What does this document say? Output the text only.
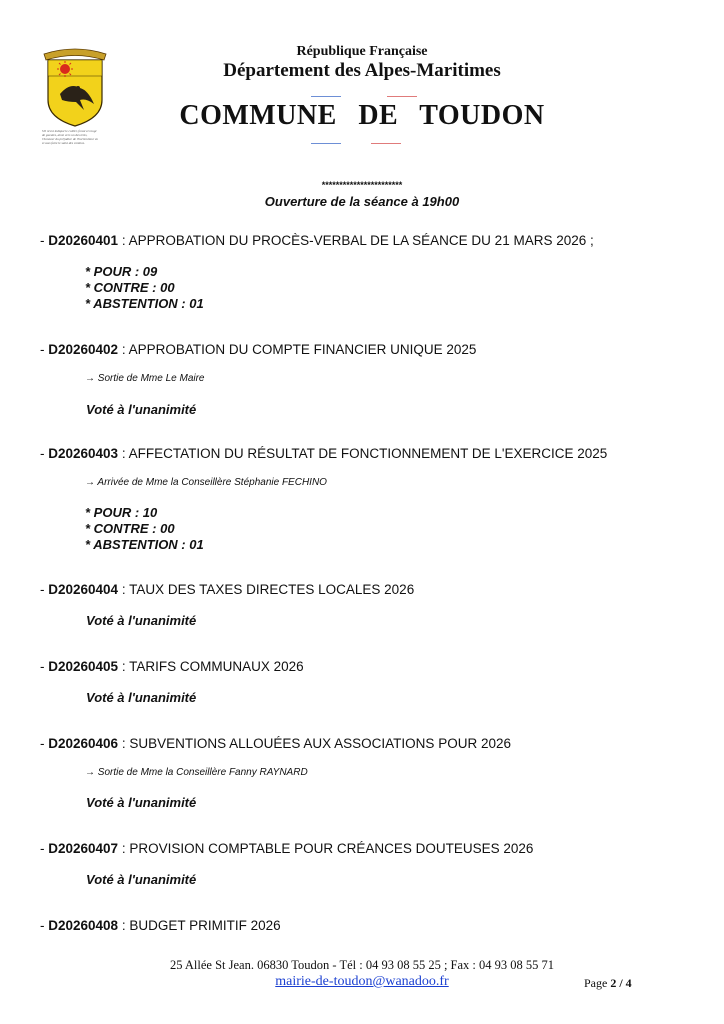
S'il m'est indiqué le collier, fonsé et rougi
de gueules, ainsi vers un des trois,
l'honneur du préjudice de l'horticulteur en
à vous faire le salut des combos.
République Française
Département des Alpes-Maritimes
COMMUNE DE TOUDON
***********************
Ouverture de la séance à 19h00
- D20260401 : APPROBATION DU PROCÈS-VERBAL DE LA SÉANCE DU 21 MARS 2026 ;
* POUR : 09
* CONTRE : 00
* ABSTENTION : 01
- D20260402 : APPROBATION DU COMPTE FINANCIER UNIQUE 2025
→ Sortie de Mme Le Maire
Voté à l'unanimité
- D20260403 : AFFECTATION DU RÉSULTAT DE FONCTIONNEMENT DE L'EXERCICE 2025
→ Arrivée de Mme la Conseillère Stéphanie FECHINO
* POUR : 10
* CONTRE : 00
* ABSTENTION : 01
- D20260404 : TAUX DES TAXES DIRECTES LOCALES 2026
Voté à l'unanimité
- D20260405 : TARIFS COMMUNAUX 2026
Voté à l'unanimité
- D20260406 : SUBVENTIONS ALLOUÉES AUX ASSOCIATIONS POUR 2026
→ Sortie de Mme la Conseillère Fanny RAYNARD
Voté à l'unanimité
- D20260407 : PROVISION COMPTABLE POUR CRÉANCES DOUTEUSES 2026
Voté à l'unanimité
- D20260408 : BUDGET PRIMITIF 2026
25 Allée St Jean. 06830 Toudon - Tél : 04 93 08 55 25 ; Fax : 04 93 08 55 71
mairie-de-toudon@wanadoo.fr	Page 2 / 4
